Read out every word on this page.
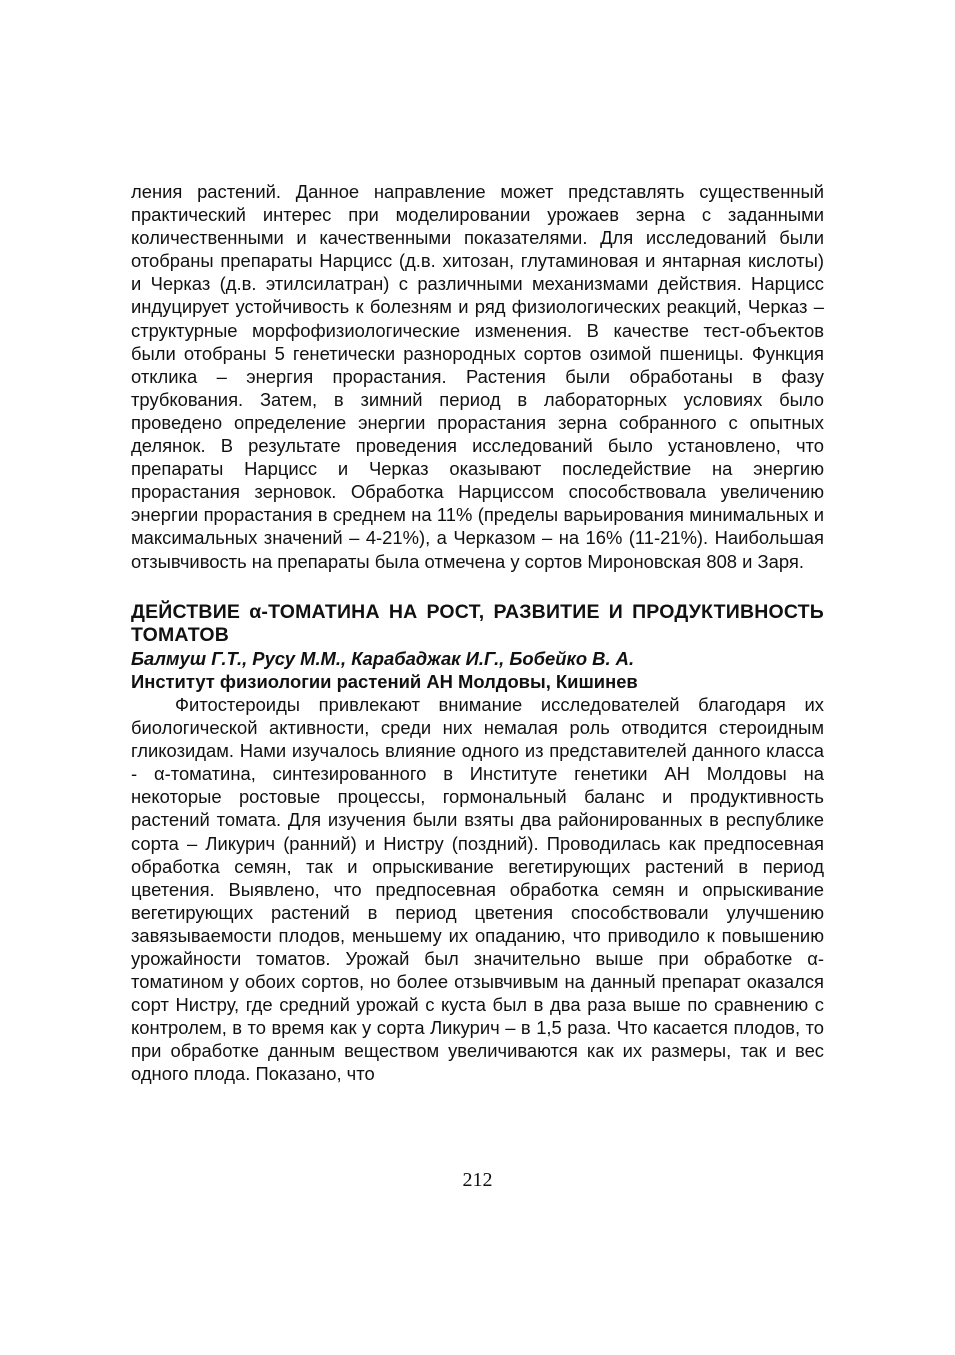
ления растений. Данное направление может представлять существенный практический интерес при моделировании урожаев зерна с заданными количественными и качественными показателями. Для исследований были отобраны препараты Нарцисс (д.в. хитозан, глутаминовая и янтарная кислоты) и Черказ (д.в. этилсилатран) с различными механизмами действия. Нарцисс индуцирует устойчивость к болезням и ряд физиологических реакций, Черказ – структурные морфофизиологические изменения. В качестве тест-объектов были отобраны 5 генетически разнородных сортов озимой пшеницы. Функция отклика – энергия прорастания. Растения были обработаны в фазу трубкования. Затем, в зимний период в лабораторных условиях было проведено определение энергии прорастания зерна собранного с опытных делянок. В результате проведения исследований было установлено, что препараты Нарцисс и Черказ оказывают последействие на энергию прорастания зерновок. Обработка Нарциссом способствовала увеличению энергии прорастания в среднем на 11% (пределы варьирования минимальных и максимальных значений – 4-21%), а Черказом – на 16% (11-21%). Наибольшая отзывчивость на препараты была отмечена у сортов Мироновская 808 и Заря.

ДЕЙСТВИЕ α-ТОМАТИНА НА РОСТ, РАЗВИТИЕ И ПРОДУКТИВНОСТЬ ТОМАТОВ

Балмуш Г.Т., Русу М.М., Карабаджак И.Г., Бобейко В. А.

Институт физиологии растений АН Молдовы, Кишинев

Фитостероиды привлекают внимание исследователей благодаря их биологической активности, среди них немалая роль отводится стероидным гликозидам. Нами изучалось влияние одного из представителей данного класса - α-томатина, синтезированного в Институте генетики АН Молдовы на некоторые ростовые процессы, гормональный баланс и продуктивность растений томата. Для изучения были взяты два районированных в республике сорта – Ликурич (ранний) и Нистру (поздний). Проводилась как предпосевная обработка семян, так и опрыскивание вегетирующих растений в период цветения. Выявлено, что предпосевная обработка семян и опрыскивание вегетирующих растений в период цветения способствовали улучшению завязываемости плодов, меньшему их опаданию, что приводило к повышению урожайности томатов. Урожай был значительно выше при обработке α-томатином у обоих сортов, но более отзывчивым на данный препарат оказался сорт Нистру, где средний урожай с куста был в два раза выше по сравнению с контролем, в то время как у сорта Ликурич – в 1,5 раза. Что касается плодов, то при обработке данным веществом увеличиваются как их размеры, так и вес одного плода. Показано, что

212
